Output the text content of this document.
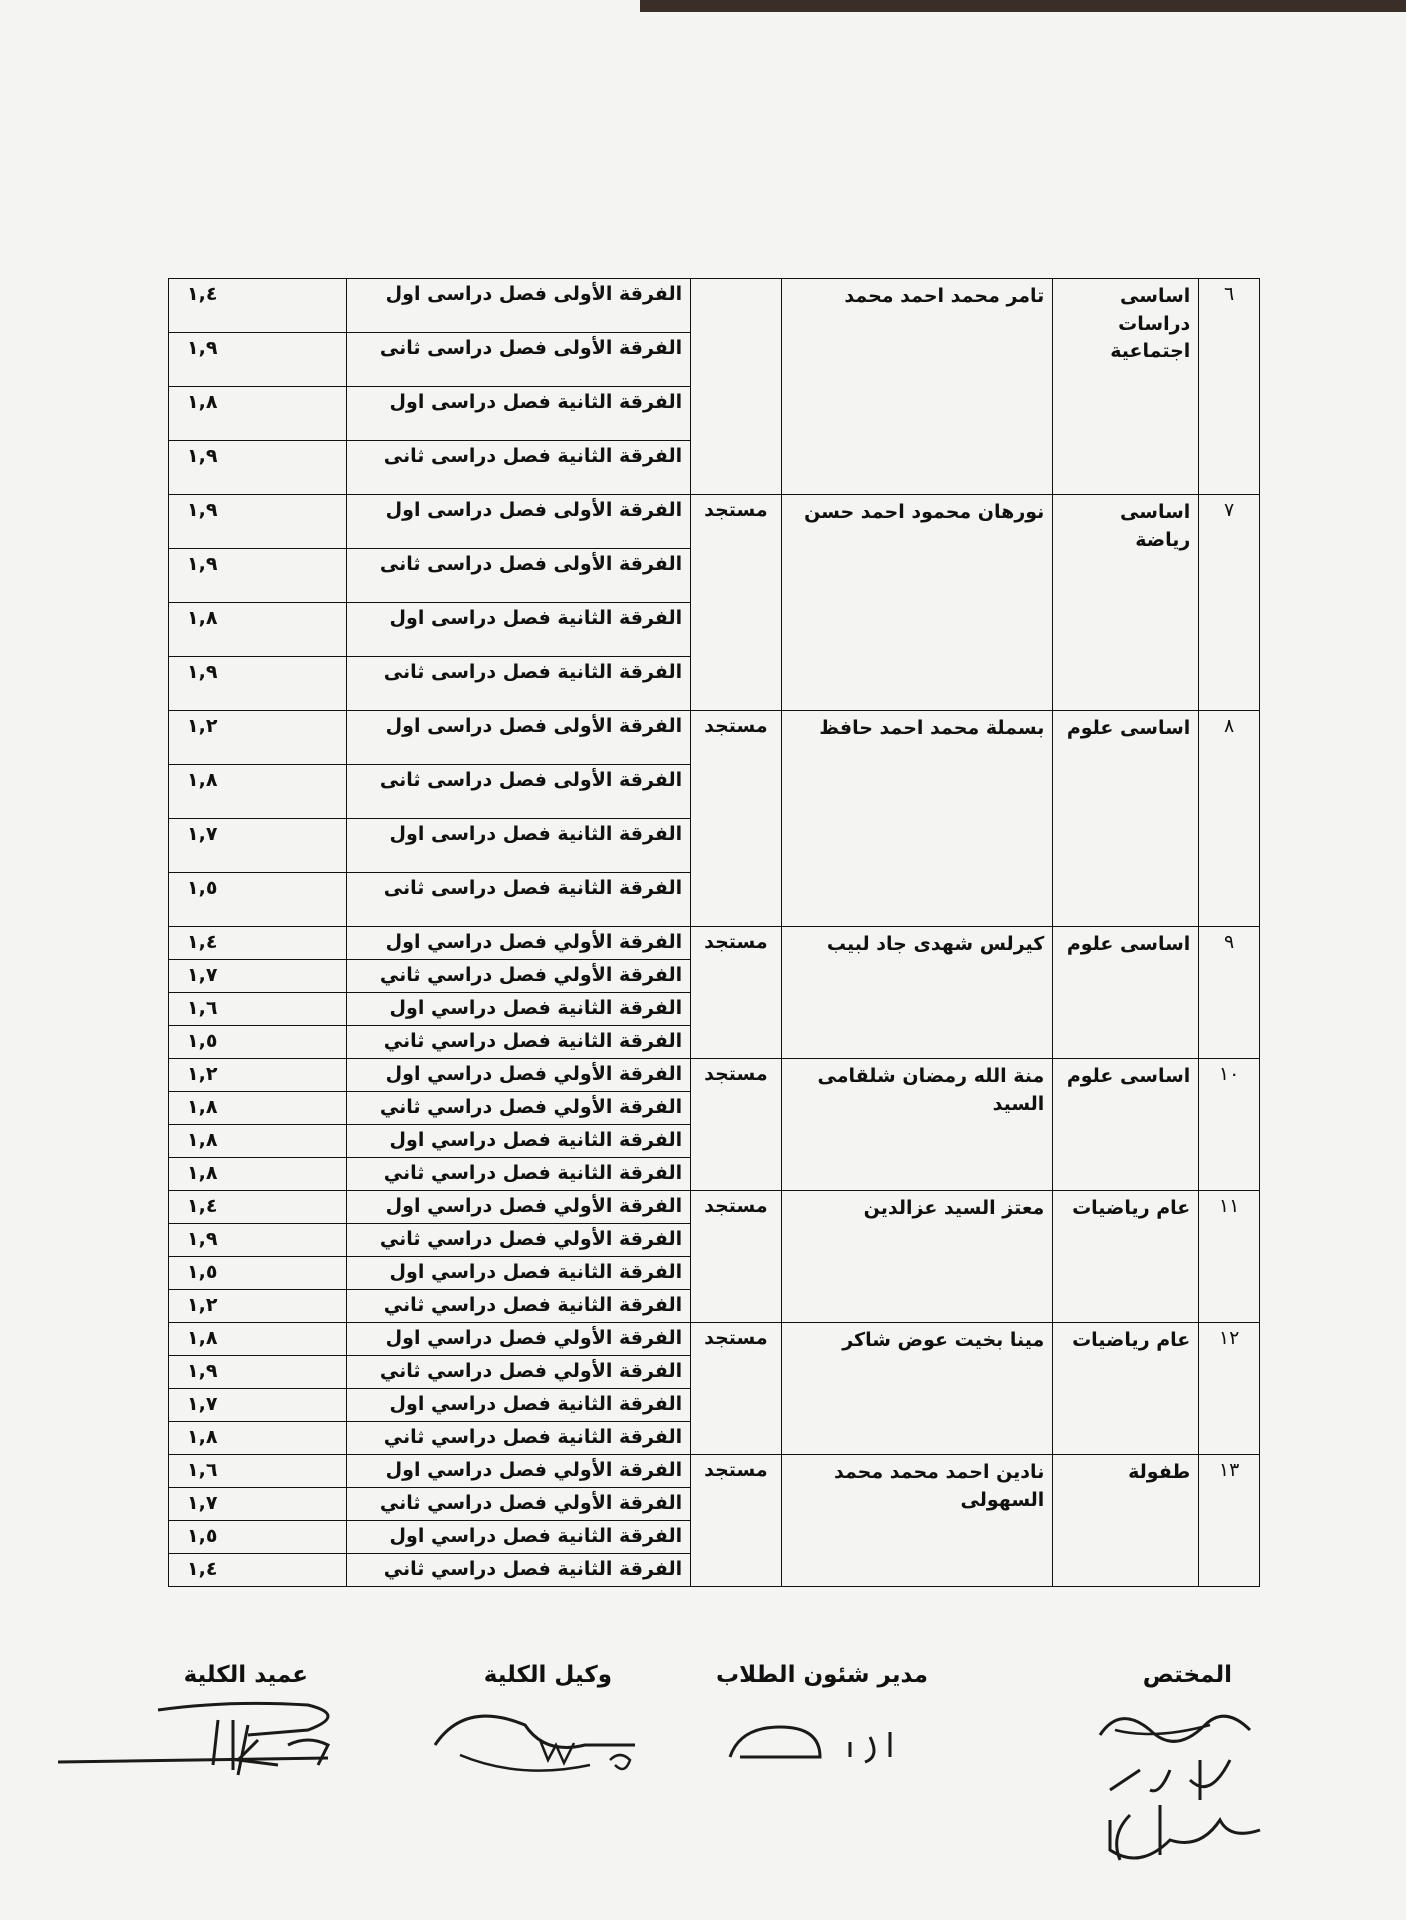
٦	اساسى دراسات اجتماعية	تامر محمد احمد محمد		الفرقة الأولى فصل دراسى اول	١,٤
				الفرقة الأولى فصل دراسى ثانى	١,٩
				الفرقة الثانية فصل دراسى اول	١,٨
				الفرقة الثانية فصل دراسى ثانى	١,٩
٧	اساسى رياضة	نورهان محمود احمد حسن	مستجد	الفرقة الأولى فصل دراسى اول	١,٩
				الفرقة الأولى فصل دراسى ثانى	١,٩
				الفرقة الثانية فصل دراسى اول	١,٨
				الفرقة الثانية فصل دراسى ثانى	١,٩
٨	اساسى علوم	بسملة محمد احمد حافظ	مستجد	الفرقة الأولى فصل دراسى اول	١,٢
				الفرقة الأولى فصل دراسى ثانى	١,٨
				الفرقة الثانية فصل دراسى اول	١,٧
				الفرقة الثانية فصل دراسى ثانى	١,٥
٩	اساسى علوم	كيرلس شهدى جاد لبيب	مستجد	الفرقة الأولي فصل دراسي اول	١,٤
				الفرقة الأولي فصل دراسي ثاني	١,٧
				الفرقة الثانية فصل دراسي اول	١,٦
				الفرقة الثانية فصل دراسي ثاني	١,٥
١٠	اساسى علوم	منة الله رمضان شلقامى السيد	مستجد	الفرقة الأولي فصل دراسي اول	١,٢
				الفرقة الأولي فصل دراسي ثاني	١,٨
				الفرقة الثانية فصل دراسي اول	١,٨
				الفرقة الثانية فصل دراسي ثاني	١,٨
١١	عام رياضيات	معتز السيد عزالدين	مستجد	الفرقة الأولي فصل دراسي اول	١,٤
				الفرقة الأولي فصل دراسي ثاني	١,٩
				الفرقة الثانية فصل دراسي اول	١,٥
				الفرقة الثانية فصل دراسي ثاني	١,٢
١٢	عام رياضيات	مينا بخيت عوض شاكر	مستجد	الفرقة الأولي فصل دراسي اول	١,٨
				الفرقة الأولي فصل دراسي ثاني	١,٩
				الفرقة الثانية فصل دراسي اول	١,٧
				الفرقة الثانية فصل دراسي ثاني	١,٨
١٣	طفولة	نادين احمد محمد محمد السهولى	مستجد	الفرقة الأولي فصل دراسي اول	١,٦
				الفرقة الأولي فصل دراسي ثاني	١,٧
				الفرقة الثانية فصل دراسي اول	١,٥
				الفرقة الثانية فصل دراسي ثاني	١,٤
المختص
مدير شئون الطلاب
وكيل الكلية
عميد الكلية
